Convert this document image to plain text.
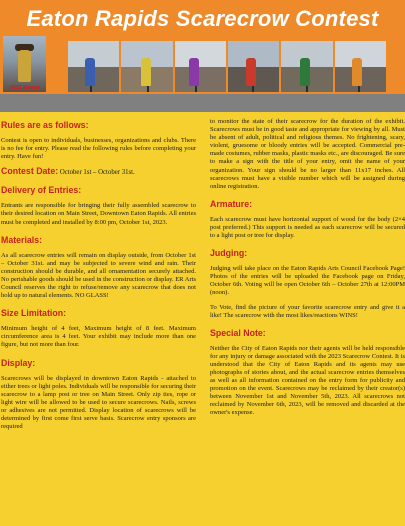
Eaton Rapids Scarecrow Contest
2022 Winner
Rules are as follows:

Contest is open to individuals, businesses, organizations and clubs. There is no fee for entry. Please read the following rules before completing your entry. Have fun!

Contest Date: October 1st – October 31st.
Delivery of Entries:

Entrants are responsible for bringing their fully assembled scarecrow to their desired location on Main Street, Downtown Eaton Rapids. All entries must be completed and installed by 8:00 pm, October 1st, 2023.

Materials:

As all scarecrow entries will remain on display outside, from October 1st – October 31st. and may be subjected to severe wind and rain. Their construction should be durable, and all ornamentation securely attached. No perishable goods should be used in the construction or display. ER Arts Council reserves the right to refuse/remove any scarecrow that does not hold up to natural elements. NO GLASS!

Size Limitation:

Minimum height of 4 feet, Maximum height of 8 feet. Maximum circumference area is 4 feet. Your exhibit may include more than one figure, but not more than four.

Display:

Scarecrows will be displayed in downtown Eaton Rapids - attached to either trees or light poles. Individuals will be responsible for securing their scarecrow to a lamp post or tree on Main Street. Only zip ties, rope or light wire will be allowed to be used to secure scarecrows. Nails, screws or adhesives are not permitted. Display location of scarecrows will be determined by first come first serve basis. Scarecrow entry sponsors are required

to monitor the state of their scarecrow for the duration of the exhibit. Scarecrows must be in good taste and appropriate for viewing by all. Must be absent of adult, political and religious themes. No frightening, scary, violent, gruesome or bloody entries will be accepted. Commercial pre-made costumes, rubber masks, plastic masks etc., are discouraged. Be sure to make a sign with the title of your entry, omit the name of your organization. Your sign should be no larger than 11x17 inches. All scarecrows must have a visible number which will be assigned during online registration.

Armature:

Each scarecrow must have horizontal support of wood for the body (2×4 post preferred.) This support is needed as each scarecrow will be secured to a light post or tree for display.

Judging:

Judging will take place on the Eaton Rapids Arts Council Facebook Page! Photos of the entries will be uploaded the Facebook page on Friday, October 6th. Voting will be open October 6th – October 27th at 12:00PM (noon).

To Vote, find the picture of your favorite scarecrow entry and give it a like! The scarecrow with the most likes/reactions WINS!

Special Note:

Neither the City of Eaton Rapids nor their agents will be held responsible for any injury or damage associated with the 2023 Scarecrow Contest. It is understood that the City of Eaton Rapids and its agents may use photographs of stories about, and the actual scarecrow entries themselves as well as all information contained on the entry form for publicity and promotion on the event. Scarecrows may be reclaimed by their creator(s) between November 1st and November 5th, 2023. All scarecrows not reclaimed by November 6th, 2023, will be removed and discarded at the owner's expense.
